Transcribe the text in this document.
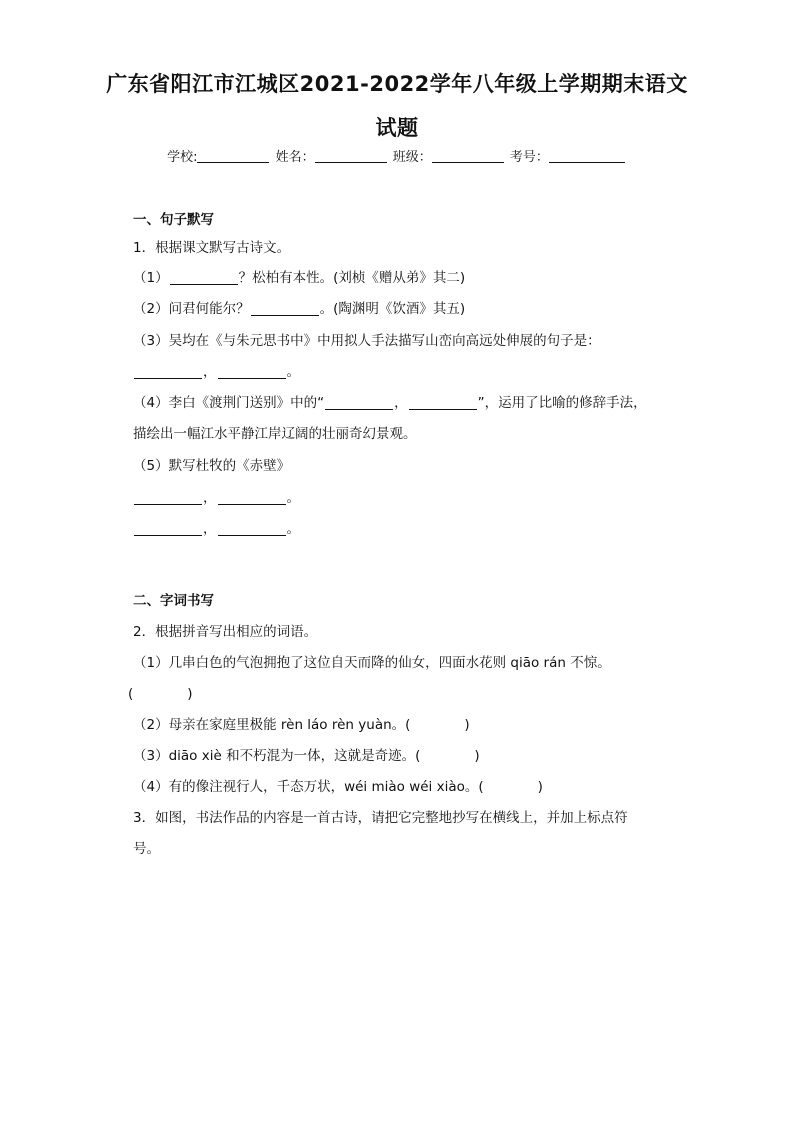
广东省阳江市江城区2021-2022学年八年级上学期期末语文
试题
学校:	姓名：	班级：	考号：
一、句子默写
1．根据课文默写古诗文。
（1）	？松柏有本性。(刘桢《赠从弟》其二)
（2）问君何能尔？	。(陶渊明《饮酒》其五)
（3）吴均在《与朱元思书中》中用拟人手法描写山峦向高远处伸展的句子是：
，	。
（4）李白《渡荆门送别》中的“	，	”，运用了比喻的修辞手法，
描绘出一幅江水平静江岸辽阔的壮丽奇幻景观。
（5）默写杜牧的《赤壁》
，	。
，	。
二、字词书写
2．根据拼音写出相应的词语。
（1）几串白色的气泡拥抱了这位自天而降的仙女，四面水花则 qiāo rán 不惊。
(　　　　)
（2）母亲在家庭里极能 rèn láo rèn yuàn。(　　　　)
（3）diāo xiè 和不朽混为一体，这就是奇迹。(　　　　)
（4）有的像注视行人，千态万状，wéi miào wéi xiào。(　　　　)
3．如图，书法作品的内容是一首古诗，请把它完整地抄写在横线上，并加上标点符
号。
